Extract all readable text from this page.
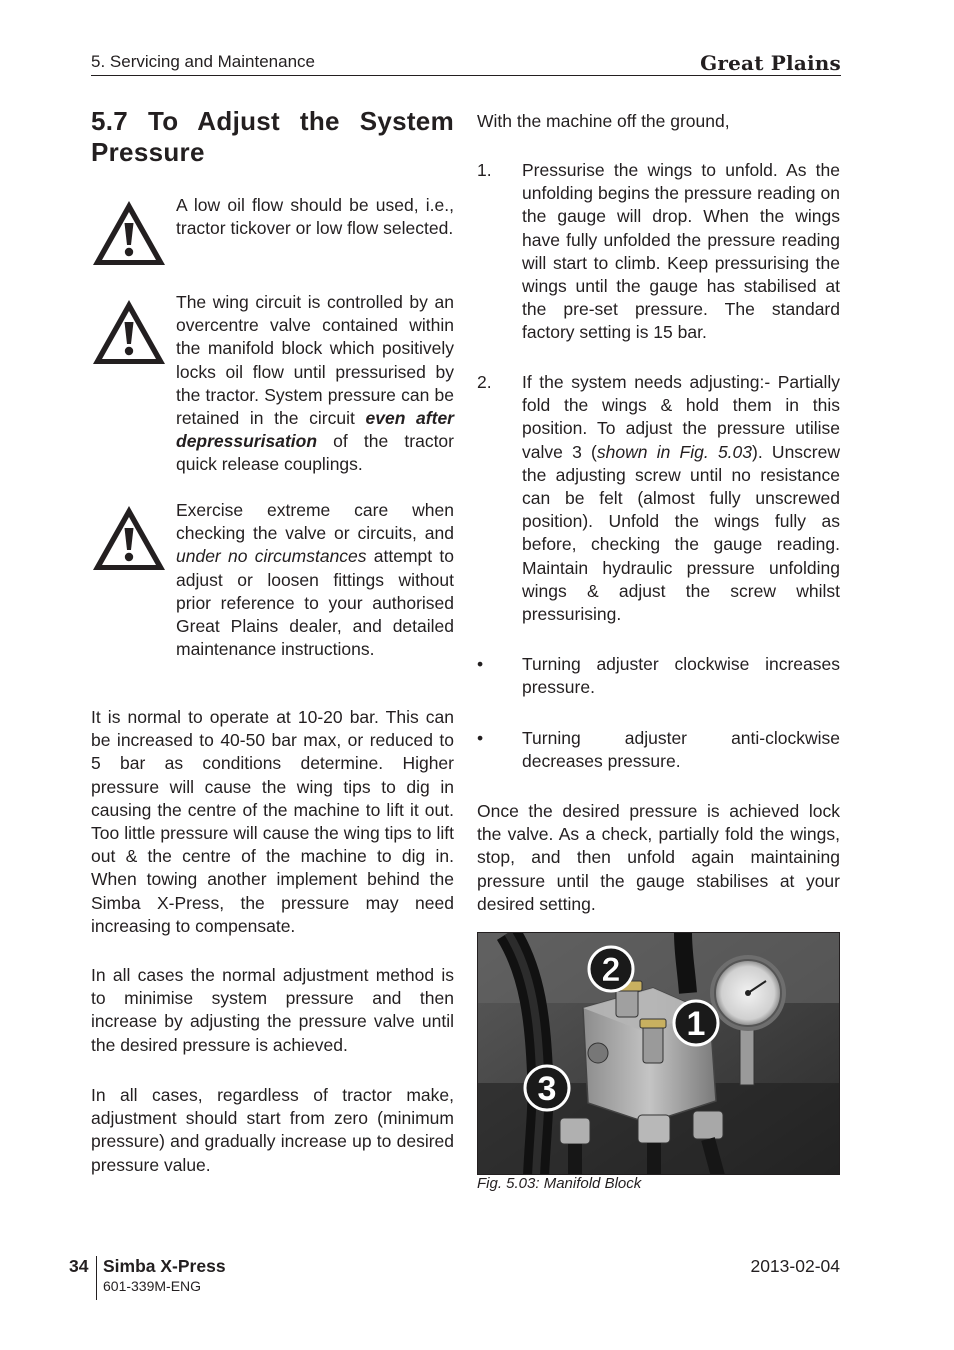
5. Servicing and Maintenance	Great Plains
5.7 To Adjust the System Pressure
A low oil flow should be used, i.e., tractor tickover or low flow selected.
The wing circuit is controlled by an overcentre valve contained within the manifold block which positively locks oil flow until pressurised by the tractor. System pressure can be retained in the circuit even after depressurisation of the tractor quick release couplings.
Exercise extreme care when checking the valve or circuits, and under no circumstances attempt to adjust or loosen fittings without prior reference to your authorised Great Plains dealer, and detailed maintenance instructions.
It is normal to operate at 10-20 bar. This can be increased to 40-50 bar max, or reduced to 5 bar as conditions determine. Higher pressure will cause the wing tips to dig in causing the centre of the machine to lift it out. Too little pressure will cause the wing tips to lift out & the centre of the machine to dig in. When towing another implement behind the Simba X-Press, the pressure may need increasing to compensate.
In all cases the normal adjustment method is to minimise system pressure and then increase by adjusting the pressure valve until the desired pressure is achieved.
In all cases, regardless of tractor make, adjustment should start from zero (minimum pressure) and gradually increase up to desired pressure value.
With the machine off the ground,
1. Pressurise the wings to unfold. As the unfolding begins the pressure reading on the gauge will drop. When the wings have fully unfolded the pressure reading will start to climb. Keep pressurising the wings until the gauge has stabilised at the pre-set pressure. The standard factory setting is 15 bar.
2. If the system needs adjusting:- Partially fold the wings & hold them in this position. To adjust the pressure utilise valve 3 (shown in Fig. 5.03). Unscrew the adjusting screw until no resistance can be felt (almost fully unscrewed position). Unfold the wings fully as before, checking the gauge reading. Maintain hydraulic pressure unfolding wings & adjust the screw whilst pressurising.
• Turning adjuster clockwise increases pressure.
• Turning adjuster anti-clockwise decreases pressure.
Once the desired pressure is achieved lock the valve. As a check, partially fold the wings, stop, and then unfold again maintaining pressure until the gauge stabilises at your desired setting.
2
1
3
Fig. 5.03: Manifold Block
34 Simba X-Press
601-339M-ENG
2013-02-04
